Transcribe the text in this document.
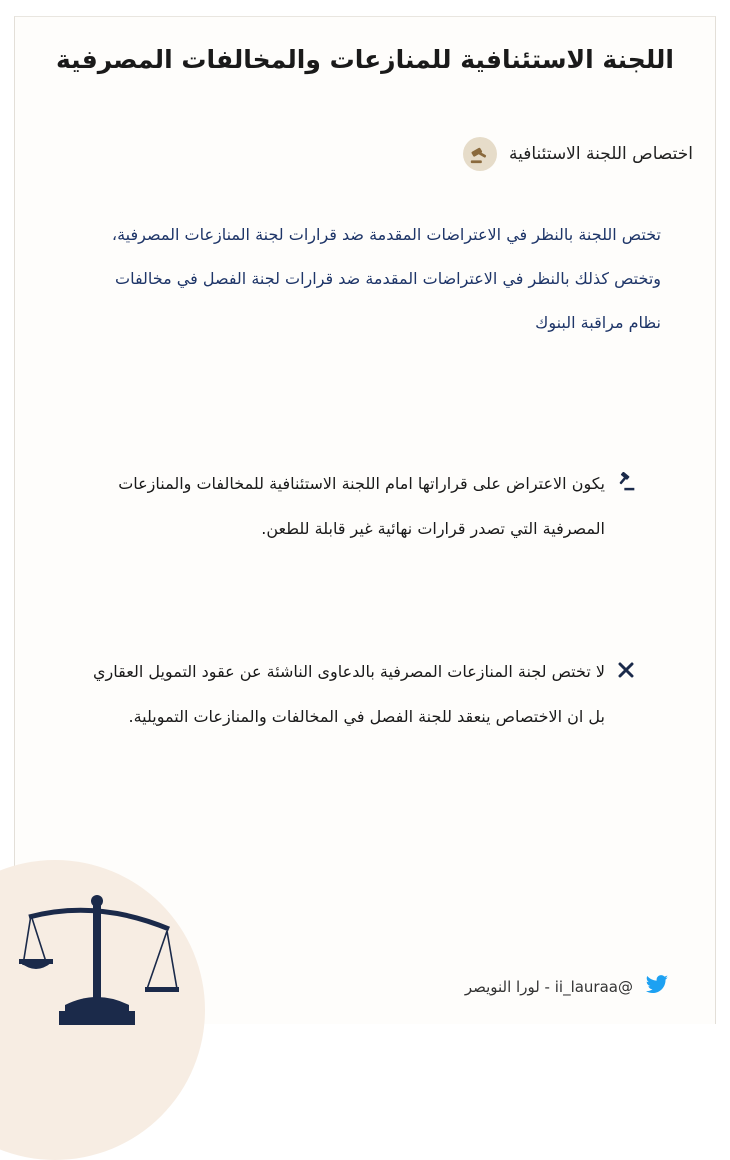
اللجنة الاستئنافية للمنازعات والمخالفات المصرفية
اختصاص اللجنة الاستئنافية
تختص اللجنة بالنظر في الاعتراضات المقدمة ضد قرارات لجنة المنازعات المصرفية، وتختص كذلك بالنظر في الاعتراضات المقدمة ضد قرارات لجنة الفصل في مخالفات نظام مراقبة البنوك
يكون الاعتراض على قراراتها امام اللجنة الاستئنافية للمخالفات والمنازعات المصرفية التي تصدر قرارات نهائية غير قابلة للطعن.
لا تختص لجنة المنازعات المصرفية بالدعاوى الناشئة عن عقود التمويل العقاري بل ان الاختصاص ينعقد للجنة الفصل في المخالفات والمنازعات التمويلية.
@ii_lauraa - لورا النويصر
